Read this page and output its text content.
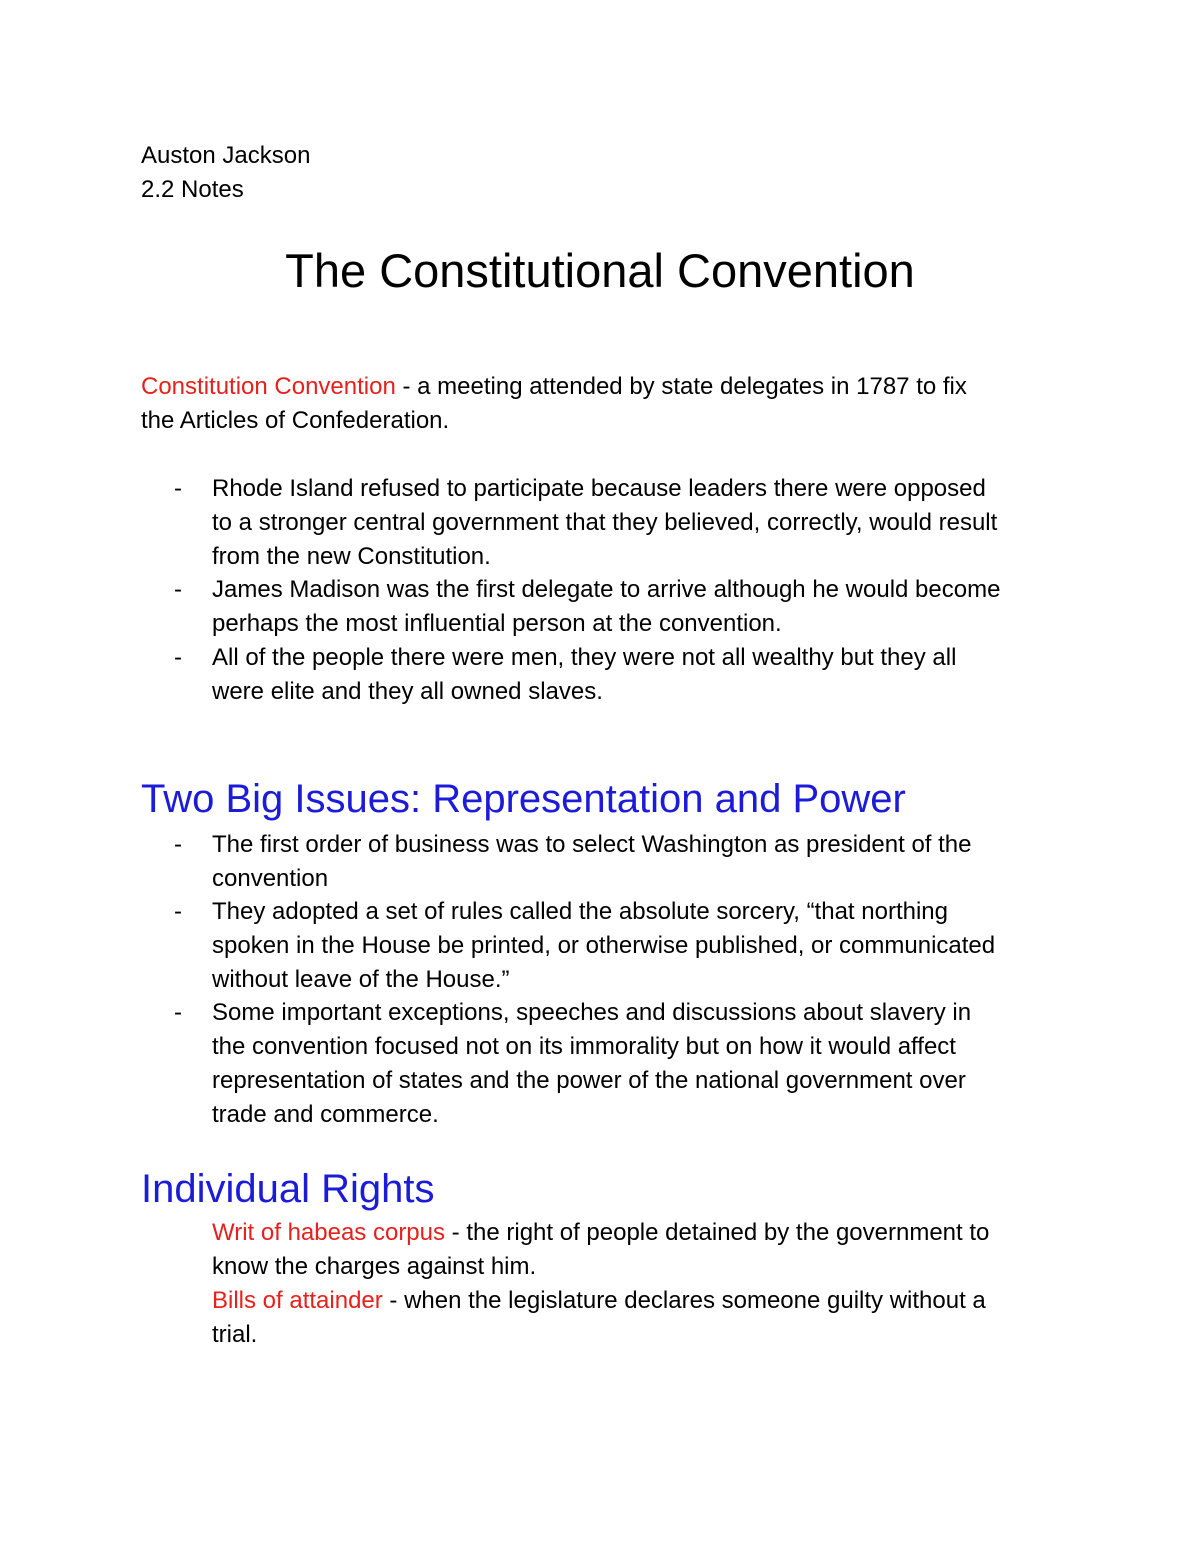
Auston Jackson
2.2 Notes
The Constitutional Convention
Constitution Convention - a meeting attended by state delegates in 1787 to fix
the Articles of Confederation.
- Rhode Island refused to participate because leaders there were opposed
to a stronger central government that they believed, correctly, would result
from the new Constitution.
- James Madison was the first delegate to arrive although he would become
perhaps the most influential person at the convention.
- All of the people there were men, they were not all wealthy but they all
were elite and they all owned slaves.
Two Big Issues: Representation and Power
- The first order of business was to select Washington as president of the
convention
- They adopted a set of rules called the absolute sorcery, “that northing
spoken in the House be printed, or otherwise published, or communicated
without leave of the House.”
- Some important exceptions, speeches and discussions about slavery in
the convention focused not on its immorality but on how it would affect
representation of states and the power of the national government over
trade and commerce.
Individual Rights
Writ of habeas corpus - the right of people detained by the government to
know the charges against him.
Bills of attainder - when the legislature declares someone guilty without a
trial.
